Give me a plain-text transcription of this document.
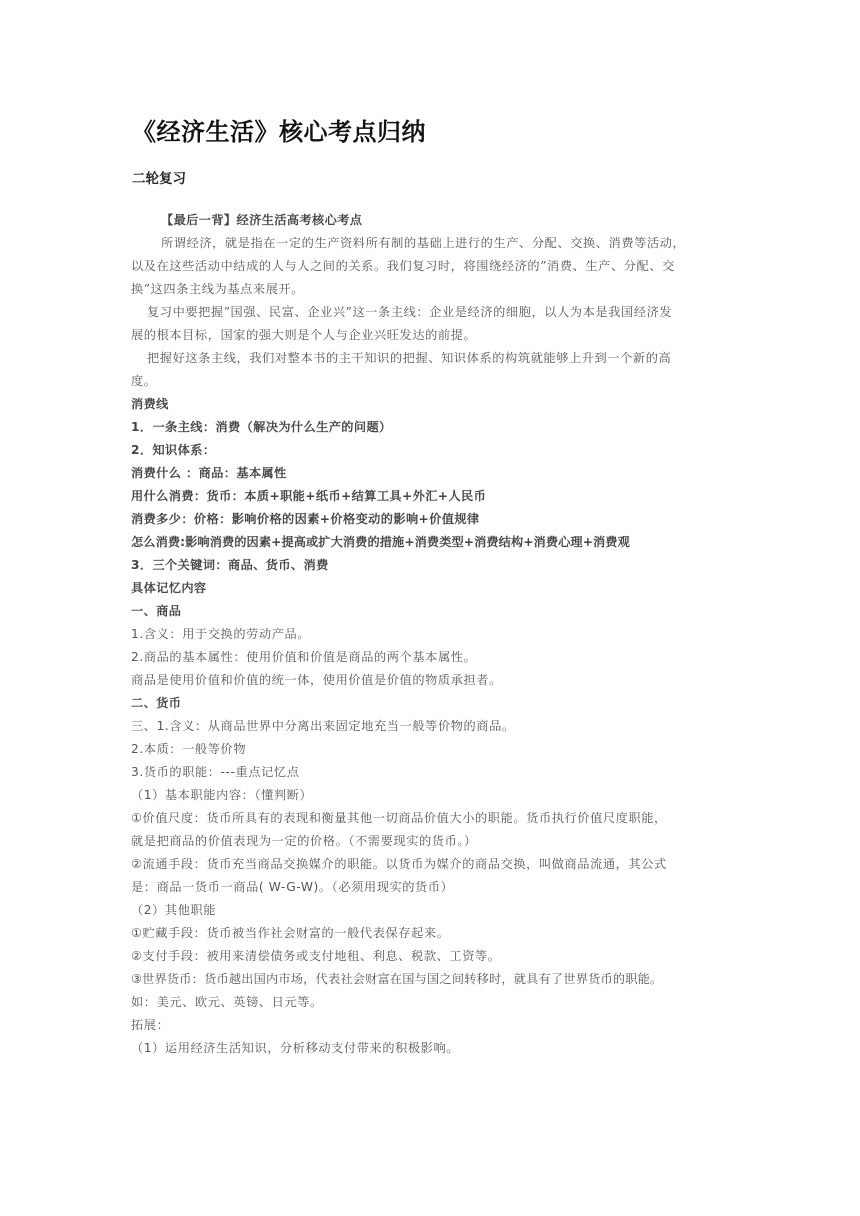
《经济生活》核心考点归纳
二轮复习
【最后一背】经济生活高考核心考点
所谓经济，就是指在一定的生产资料所有制的基础上进行的生产、分配、交换、消费等活动，
以及在这些活动中结成的人与人之间的关系。我们复习时，将围绕经济的”消费、生产、分配、交
换”这四条主线为基点来展开。
复习中要把握”国强、民富、企业兴”这一条主线：企业是经济的细胞，以人为本是我国经济发
展的根本目标，国家的强大则是个人与企业兴旺发达的前提。
把握好这条主线，我们对整本书的主干知识的把握、知识体系的构筑就能够上升到一个新的高
度。
消费线
1．一条主线：消费（解决为什么生产的问题）
2．知识体系：
消费什么 ：商品：基本属性
用什么消费：货币：本质+职能+纸币+结算工具+外汇+人民币
消费多少：价格：影响价格的因素+价格变动的影响+价值规律
怎么消费:影响消费的因素+提高或扩大消费的措施+消费类型+消费结构+消费心理+消费观
3．三个关键词：商品、货币、消费
具体记忆内容
一、商品
1.含义：用于交换的劳动产品。
2.商品的基本属性：使用价值和价值是商品的两个基本属性。
商品是使用价值和价值的统一体，使用价值是价值的物质承担者。
二、货币
三、1.含义：从商品世界中分离出来固定地充当一般等价物的商品。
2.本质：一般等价物
3.货币的职能：---重点记忆点
（1）基本职能内容：（懂判断）
①价值尺度：货币所具有的表现和衡量其他一切商品价值大小的职能。货币执行价值尺度职能，
就是把商品的价值表现为一定的价格。（不需要现实的货币。）
②流通手段：货币充当商品交换媒介的职能。以货币为媒介的商品交换，叫做商品流通，其公式
是：商品一货币一商品( W-G-W)。（必须用现实的货币）
（2）其他职能
①贮藏手段：货币被当作社会财富的一般代表保存起来。
②支付手段：被用来清偿债务或支付地租、利息、税款、工资等。
③世界货币：货币越出国内市场，代表社会财富在国与国之间转移时，就具有了世界货币的职能。
如：美元、欧元、英镑、日元等。
拓展：
（1）运用经济生活知识，分析移动支付带来的积极影响。
